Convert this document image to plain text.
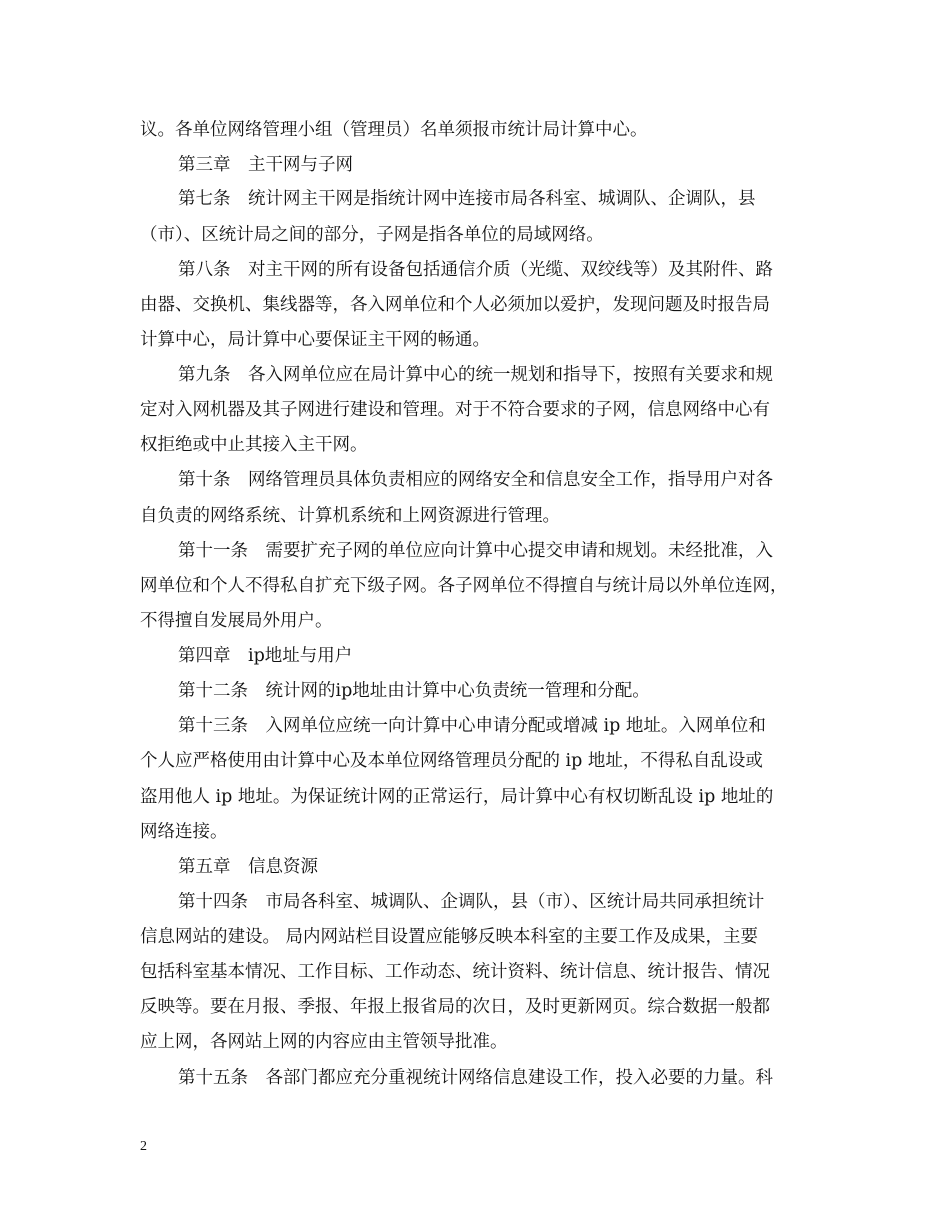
议。各单位网络管理小组（管理员）名单须报市统计局计算中心。
第三章　主干网与子网
第七条　统计网主干网是指统计网中连接市局各科室、城调队、企调队，县
（市）、区统计局之间的部分，子网是指各单位的局域网络。
第八条　对主干网的所有设备包括通信介质（光缆、双绞线等）及其附件、路
由器、交换机、集线器等，各入网单位和个人必须加以爱护，发现问题及时报告局
计算中心，局计算中心要保证主干网的畅通。
第九条　各入网单位应在局计算中心的统一规划和指导下，按照有关要求和规
定对入网机器及其子网进行建设和管理。对于不符合要求的子网，信息网络中心有
权拒绝或中止其接入主干网。
第十条　网络管理员具体负责相应的网络安全和信息安全工作，指导用户对各
自负责的网络系统、计算机系统和上网资源进行管理。
第十一条　需要扩充子网的单位应向计算中心提交申请和规划。未经批准，入
网单位和个人不得私自扩充下级子网。各子网单位不得擅自与统计局以外单位连网，
不得擅自发展局外用户。
第四章　ip地址与用户
第十二条　统计网的ip地址由计算中心负责统一管理和分配。
第十三条　入网单位应统一向计算中心申请分配或增减 ip 地址。入网单位和
个人应严格使用由计算中心及本单位网络管理员分配的 ip 地址，不得私自乱设或
盗用他人 ip 地址。为保证统计网的正常运行，局计算中心有权切断乱设 ip 地址的
网络连接。
第五章　信息资源
第十四条　市局各科室、城调队、企调队，县（市）、区统计局共同承担统计
信息网站的建设。 局内网站栏目设置应能够反映本科室的主要工作及成果，主要
包括科室基本情况、工作目标、工作动态、统计资料、统计信息、统计报告、情况
反映等。要在月报、季报、年报上报省局的次日，及时更新网页。综合数据一般都
应上网，各网站上网的内容应由主管领导批准。
第十五条　各部门都应充分重视统计网络信息建设工作，投入必要的力量。科
2
